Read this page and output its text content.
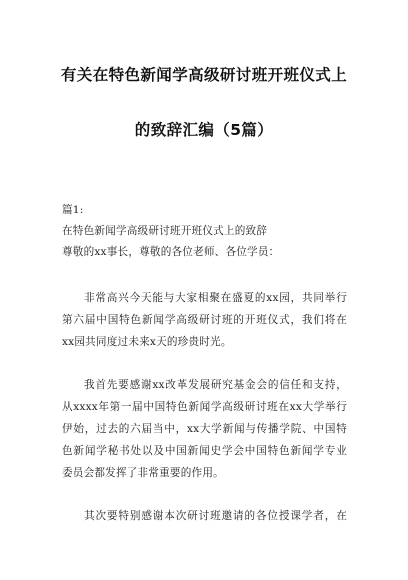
有关在特色新闻学高级研讨班开班仪式上
的致辞汇编（5篇）
篇1:
在特色新闻学高级研讨班开班仪式上的致辞
尊敬的xx事长，尊敬的各位老师、各位学员：
非常高兴今天能与大家相聚在盛夏的xx园，共同举行
第六届中国特色新闻学高级研讨班的开班仪式，我们将在
xx园共同度过未来x天的珍贵时光。
我首先要感谢xx改革发展研究基金会的信任和支持，
从xxxx年第一届中国特色新闻学高级研讨班在xx大学举行
伊始，过去的六届当中，xx大学新闻与传播学院、中国特
色新闻学秘书处以及中国新闻史学会中国特色新闻学专业
委员会都发挥了非常重要的作用。
其次要特别感谢本次研讨班邀请的各位授课学者，在
